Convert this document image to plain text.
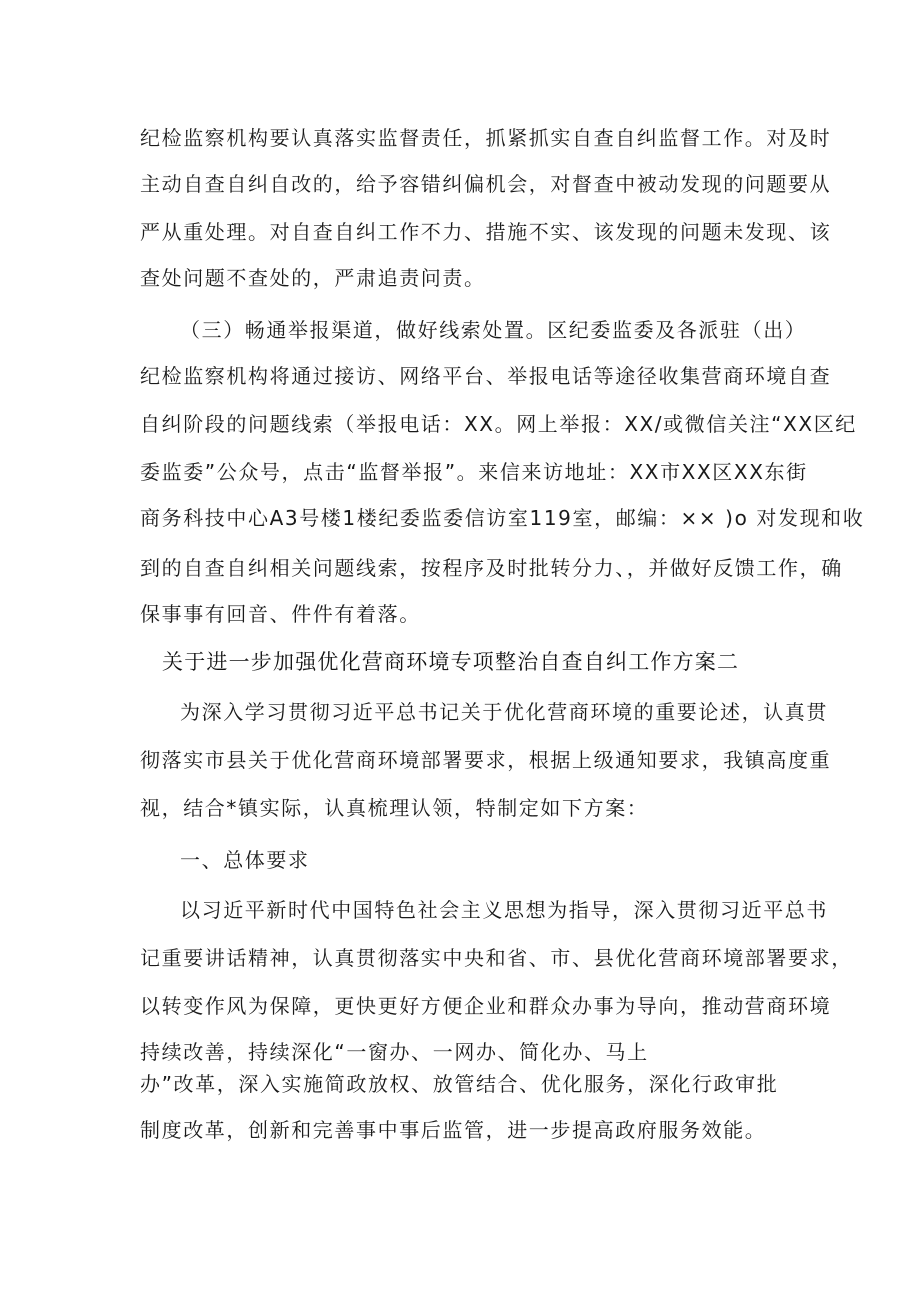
纪检监察机构要认真落实监督责任，抓紧抓实自查自纠监督工作。对及时
主动自查自纠自改的，给予容错纠偏机会，对督查中被动发现的问题要从
严从重处理。对自查自纠工作不力、措施不实、该发现的问题未发现、该
查处问题不查处的，严肃追责问责。
（三）畅通举报渠道，做好线索处置。区纪委监委及各派驻（出）
纪检监察机构将通过接访、网络平台、举报电话等途径收集营商环境自查
自纠阶段的问题线索（举报电话：XX。网上举报：XX/或微信关注“XX区纪
委监委”公众号，点击“监督举报”。来信来访地址：XX市XX区XX东街
商务科技中心A3号楼1楼纪委监委信访室119室，邮编：×× )o 对发现和收
到的自查自纠相关问题线索，按程序及时批转分力、，并做好反馈工作，确
保事事有回音、件件有着落。
关于进一步加强优化营商环境专项整治自查自纠工作方案二
为深入学习贯彻习近平总书记关于优化营商环境的重要论述，认真贯
彻落实市县关于优化营商环境部署要求，根据上级通知要求，我镇高度重
视，结合*镇实际，认真梳理认领，特制定如下方案：
一、总体要求
以习近平新时代中国特色社会主义思想为指导，深入贯彻习近平总书
记重要讲话精神，认真贯彻落实中央和省、市、县优化营商环境部署要求，
以转变作风为保障，更快更好方便企业和群众办事为导向，推动营商环境
持续改善，持续深化“一窗办、一网办、简化办、马上
办”改革，深入实施简政放权、放管结合、优化服务，深化行政审批
制度改革，创新和完善事中事后监管，进一步提高政府服务效能。
